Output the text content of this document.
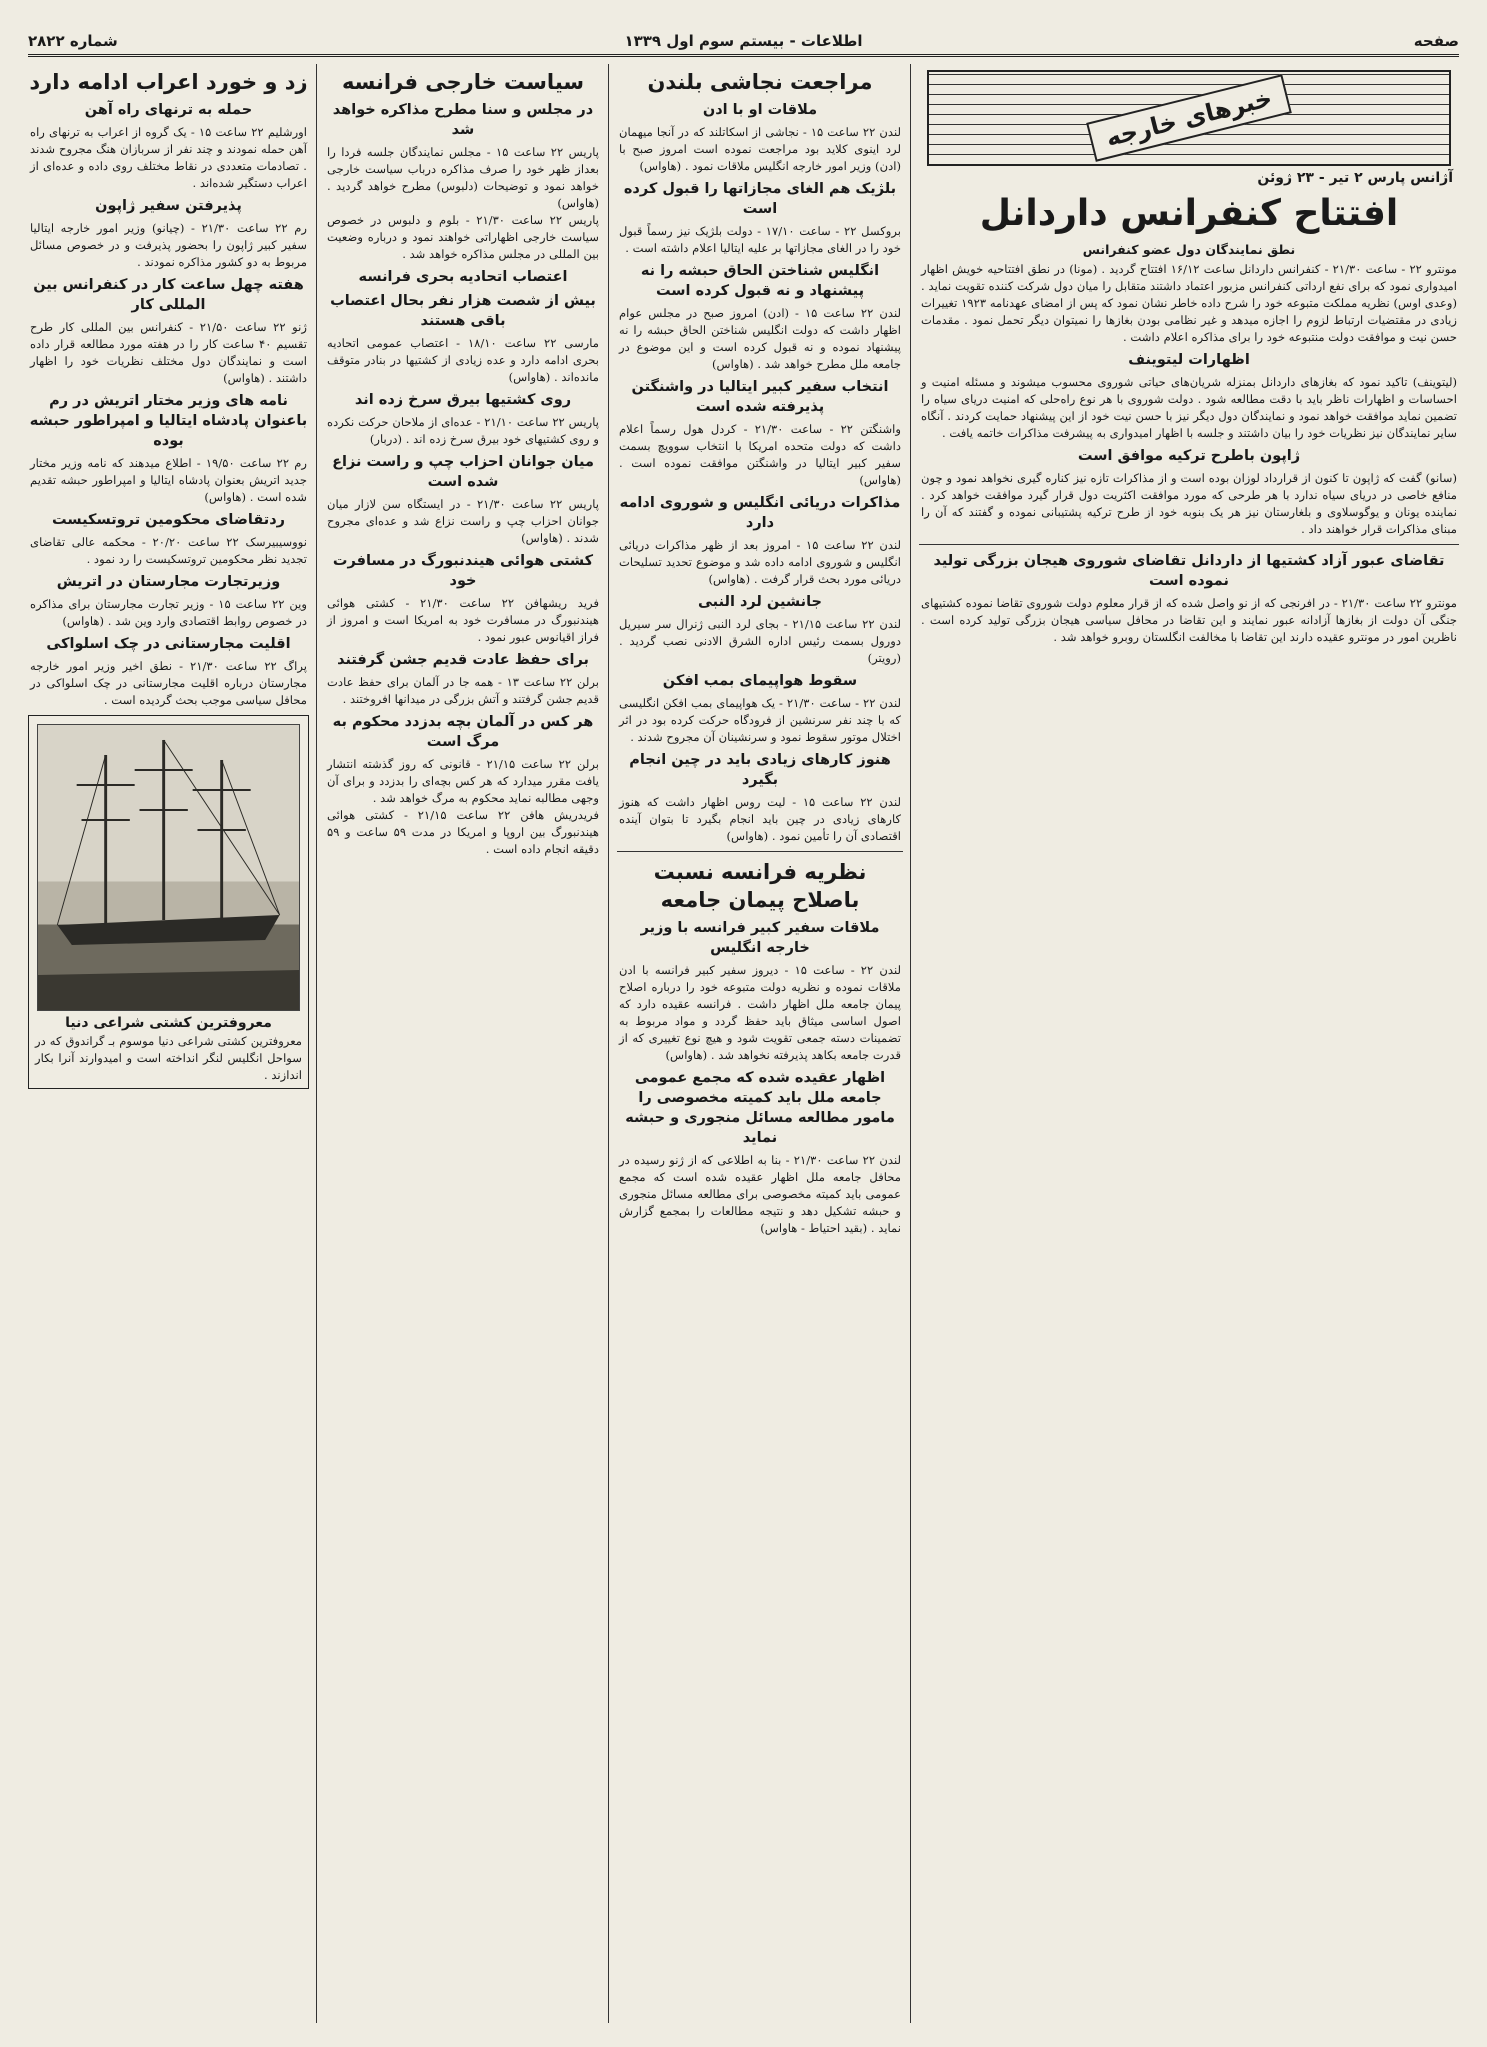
صفحه
اطلاعات - بیستم سوم اول ۱۳۳۹
شماره ۲۸۲۲
خبرهای خارجه
آژانس پارس ۲ تیر - ۲۳ ژوئن
افتتاح کنفرانس داردانل
نطق نمایندگان دول عضو کنفرانس

مونترو ۲۲ - ساعت ۲۱/۳۰ - کنفرانس داردانل ساعت ۱۶/۱۲ افتتاح گردید . (مونا) در نطق افتتاحیه خویش اظهار امیدواری نمود که برای نفع ارداتی کنفرانس مزبور اعتماد داشتند متقابل را میان دول شرکت کننده تقویت نماید . (وعدی اوس) نظریه مملکت متبوعه خود را شرح داده خاطر نشان نمود که پس از امضای عهدنامه ۱۹۲۳ تغییرات زیادی در مقتضیات ارتباط لزوم را اجازه میدهد و غیر نظامی بودن بغازها را نمیتوان دیگر تحمل نمود . مقدمات حسن نیت و موافقت دولت منتبوعه خود را برای مذاکره اعلام داشت .

اظهارات لیتوینف

(لیتوینف) تاکید نمود که بغازهای داردانل بمنزله شریان‌های حیاتی شوروی محسوب میشوند و مسئله امنیت و احساسات و اظهارات ناظر باید با دقت مطالعه شود . دولت شوروی با هر نوع راه‌حلی که امنیت دریای سیاه را تضمین نماید موافقت خواهد نمود و نمایندگان دول دیگر نیز با حسن نیت خود از این پیشنهاد حمایت کردند . آنگاه سایر نمایندگان نیز نظریات خود را بیان داشتند و جلسه با اظهار امیدواری به پیشرفت مذاکرات خاتمه یافت .

ژاپون باطرح ترکیه موافق است

(سانو) گفت که ژاپون تا کنون از قرارداد لوزان بوده است و از مذاکرات تازه نیز کناره گیری نخواهد نمود و چون منافع خاصی در دریای سیاه ندارد با هر طرحی که مورد موافقت اکثریت دول قرار گیرد موافقت خواهد کرد . نماینده یونان و یوگوسلاوی و بلغارستان نیز هر یک بنوبه خود از طرح ترکیه پشتیبانی نموده و گفتند که آن را مبنای مذاکرات قرار خواهند داد .

تقاضای عبور آزاد کشتیها از داردانل تقاضای شوروی هیجان بزرگی تولید نموده است

مونترو ۲۲ ساعت ۲۱/۳۰ - در افرنجی که از نو واصل شده که از قرار معلوم دولت شوروی تقاضا نموده کشتیهای جنگی آن دولت از بغازها آزادانه عبور نمایند و این تقاضا در محافل سیاسی هیجان بزرگی تولید کرده است . ناظرین امور در مونترو عقیده دارند این تقاضا با مخالفت انگلستان روبرو خواهد شد .

مراجعت نجاشی بلندن
ملاقات او با ادن

لندن ۲۲ ساعت ۱۵ - نجاشی از اسکاتلند که در آنجا میهمان لرد اینوی کلاید بود مراجعت نموده است امروز صبح با (ادن) وزیر امور خارجه انگلیس ملاقات نمود . (هاواس)

بلژیک هم الغای مجازاتها را قبول کرده است

بروکسل ۲۲ - ساعت ۱۷/۱۰ - دولت بلژیک نیز رسماً قبول خود را در الغای مجازاتها بر علیه ایتالیا اعلام داشته است .

انگلیس شناختن الحاق حبشه را نه پیشنهاد و نه قبول کرده است

لندن ۲۲ ساعت ۱۵ - (ادن) امروز صبح در مجلس عوام اظهار داشت که دولت انگلیس شناختن الحاق حبشه را نه پیشنهاد نموده و نه قبول کرده است و این موضوع در جامعه ملل مطرح خواهد شد . (هاواس)

انتخاب سفیر کبیر ایتالیا در واشنگتن پذیرفته شده است

واشنگتن ۲۲ - ساعت ۲۱/۳۰ - کردل هول رسماً اعلام داشت که دولت متحده امریکا با انتخاب سوویچ بسمت سفیر کبیر ایتالیا در واشنگتن موافقت نموده است . (هاواس)

مذاکرات دریائی انگلیس و شوروی ادامه دارد

لندن ۲۲ ساعت ۱۵ - امروز بعد از ظهر مذاکرات دریائی انگلیس و شوروی ادامه داده شد و موضوع تحدید تسلیحات دریائی مورد بحث قرار گرفت . (هاواس)

جانشین لرد النبی

لندن ۲۲ ساعت ۲۱/۱۵ - بجای لرد النبی ژنرال سر سیریل دورول بسمت رئیس اداره الشرق الادنی نصب گردید . (رویتر)

سقوط هواپیمای بمب افکن

لندن ۲۲ - ساعت ۲۱/۳۰ - یک هواپیمای بمب افکن انگلیسی که با چند نفر سرنشین از فرودگاه حرکت کرده بود در اثر اختلال موتور سقوط نمود و سرنشینان آن مجروح شدند .

هنوز کارهای زیادی باید در چین انجام بگیرد

لندن ۲۲ ساعت ۱۵ - لیت روس اظهار داشت که هنوز کارهای زیادی در چین باید انجام بگیرد تا بتوان آینده اقتصادی آن را تأمین نمود . (هاواس)

نظریه فرانسه نسبت باصلاح پیمان جامعه
ملاقات سفیر کبیر فرانسه با وزیر خارجه انگلیس

لندن ۲۲ - ساعت ۱۵ - دیروز سفیر کبیر فرانسه با ادن ملاقات نموده و نظریه دولت متبوعه خود را درباره اصلاح پیمان جامعه ملل اظهار داشت . فرانسه عقیده دارد که اصول اساسی میثاق باید حفظ گردد و مواد مربوط به تضمینات دسته جمعی تقویت شود و هیچ نوع تغییری که از قدرت جامعه بکاهد پذیرفته نخواهد شد . (هاواس)

اظهار عقیده شده که مجمع عمومی جامعه ملل باید کمیته مخصوصی را مامور مطالعه مسائل منجوری و حبشه نماید

لندن ۲۲ ساعت ۲۱/۳۰ - بنا به اطلاعی که از ژنو رسیده در محافل جامعه ملل اظهار عقیده شده است که مجمع عمومی باید کمیته مخصوصی برای مطالعه مسائل منجوری و حبشه تشکیل دهد و نتیجه مطالعات را بمجمع گزارش نماید . (بقید احتیاط - هاواس)

سیاست خارجی فرانسه
در مجلس و سنا مطرح مذاکره خواهد شد

پاریس ۲۲ ساعت ۱۵ - مجلس نمایندگان جلسه فردا را بعداز ظهر خود را صرف مذاکره درباب سیاست خارجی خواهد نمود و توضیحات (دلبوس) مطرح خواهد گردید . (هاواس)

پاریس ۲۲ ساعت ۲۱/۳۰ - بلوم و دلبوس در خصوص سیاست خارجی اظهاراتی خواهند نمود و درباره وضعیت بین المللی در مجلس مذاکره خواهد شد .

اعتصاب اتحادیه بحری فرانسه
بیش از شصت هزار نفر بحال اعتصاب باقی هستند

مارسی ۲۲ ساعت ۱۸/۱۰ - اعتصاب عمومی اتحادیه بحری ادامه دارد و عده زیادی از کشتیها در بنادر متوقف مانده‌اند . (هاواس)

روی کشتیها بیرق سرخ زده اند

پاریس ۲۲ ساعت ۲۱/۱۰ - عده‌ای از ملاحان حرکت نکرده و روی کشتیهای خود بیرق سرخ زده اند . (دربار)

میان جوانان احزاب چپ و راست نزاع شده است

پاریس ۲۲ ساعت ۲۱/۳۰ - در ایستگاه سن لازار میان جوانان احزاب چپ و راست نزاع شد و عده‌ای مجروح شدند . (هاواس)

کشتی هوائی هیندنبورگ در مسافرت خود

فرید ریشهافن ۲۲ ساعت ۲۱/۳۰ - کشتی هوائی هیندنبورگ در مسافرت خود به امریکا است و امروز از فراز اقیانوس عبور نمود .

برای حفظ عادت قدیم جشن گرفتند

برلن ۲۲ ساعت ۱۳ - همه جا در آلمان برای حفظ عادت قدیم جشن گرفتند و آتش بزرگی در میدانها افروختند .

هر کس در آلمان بچه بدزدد محکوم به مرگ است

برلن ۲۲ ساعت ۲۱/۱۵ - قانونی که روز گذشته انتشار یافت مقرر میدارد که هر کس بچه‌ای را بدزدد و برای آن وجهی مطالبه نماید محکوم به مرگ خواهد شد .

فریدریش هافن ۲۲ ساعت ۲۱/۱۵ - کشتی هوائی هیندنبورگ بین اروپا و امریکا در مدت ۵۹ ساعت و ۵۹ دقیقه انجام داده است .

زد و خورد اعراب ادامه دارد
حمله به ترنهای راه آهن

اورشلیم ۲۲ ساعت ۱۵ - یک گروه از اعراب به ترنهای راه آهن حمله نمودند و چند نفر از سربازان هنگ مجروح شدند . تصادمات متعددی در نقاط مختلف روی داده و عده‌ای از اعراب دستگیر شده‌اند .

پذیرفتن سفیر ژاپون

رم ۲۲ ساعت ۲۱/۳۰ - (چیانو) وزیر امور خارجه ایتالیا سفیر کبیر ژاپون را بحضور پذیرفت و در خصوص مسائل مربوط به دو کشور مذاکره نمودند .

هفته چهل ساعت کار در کنفرانس بین المللی کار

ژنو ۲۲ ساعت ۲۱/۵۰ - کنفرانس بین المللی کار طرح تقسیم ۴۰ ساعت کار را در هفته مورد مطالعه قرار داده است و نمایندگان دول مختلف نظریات خود را اظهار داشتند . (هاواس)

نامه های وزیر مختار اتریش در رم باعنوان پادشاه ایتالیا و امپراطور حبشه بوده

رم ۲۲ ساعت ۱۹/۵۰ - اطلاع میدهند که نامه وزیر مختار جدید اتریش بعنوان پادشاه ایتالیا و امپراطور حبشه تقدیم شده است . (هاواس)

ردتقاضای محکومین تروتسکیست

نووسیبیرسک ۲۲ ساعت ۲۰/۲۰ - محکمه عالی تقاضای تجدید نظر محکومین تروتسکیست را رد نمود .

وزیرتجارت مجارستان در اتریش

وین ۲۲ ساعت ۱۵ - وزیر تجارت مجارستان برای مذاکره در خصوص روابط اقتصادی وارد وین شد . (هاواس)

اقلیت مجارستانی در چک اسلواکی

پراگ ۲۲ ساعت ۲۱/۳۰ - نطق اخیر وزیر امور خارجه مجارستان درباره اقلیت مجارستانی در چک اسلواکی در محافل سیاسی موجب بحث گردیده است .

معروفترین کشتی شراعی دنیا

معروفترین کشتی شراعی دنیا موسوم بـ گراندوق که در سواحل انگلیس لنگر انداخته است و امیدوارند آنرا بکار اندازند .
